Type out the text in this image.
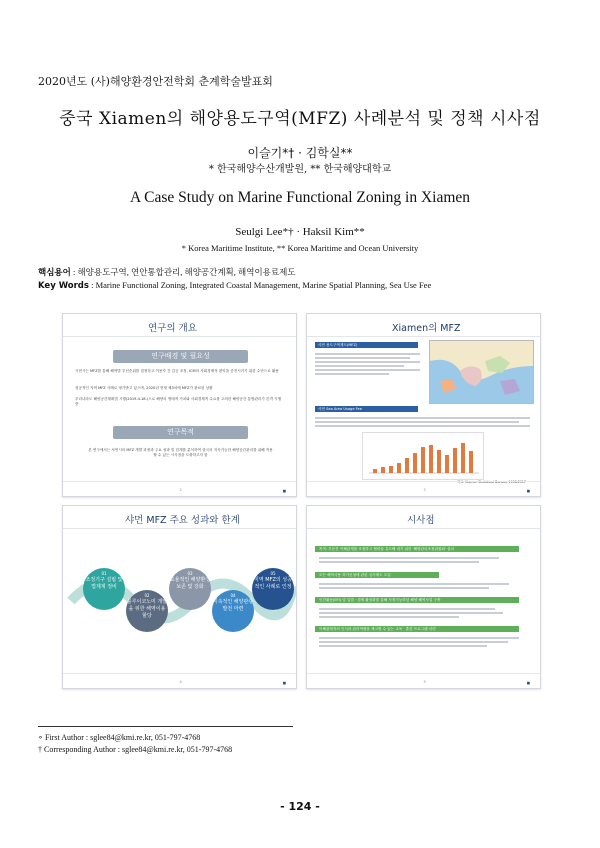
2020년도 (사)해양환경안전학회 춘계학술발표회
중국 Xiamen의 해양용도구역(MFZ) 사례분석 및 정책 시사점
이슬기*† · 김학실**
* 한국해양수산개발원, ** 한국해양대학교
A Case Study on Marine Functional Zoning in Xiamen
Seulgi Lee*† · Haksil Kim**
* Korea Maritime Institute, ** Korea Maritime and Ocean University
핵심용어 : 해양용도구역, 연안통합관리, 해양공간계획, 해역이용료제도
Key Words : Marine Functional Zoning, Integrated Coastal Management, Marine Spatial Planning, Sea Use Fee
연구의 개요
연구배경 및 필요성
시먼시는 MFZ를 통해 해역별 우선순위를 결정하고 이용자 간 갈등 조정, ICM의 사회경제적 편익을 증진시키기 위한 수단으로 활용
성공적인 지역 MFZ 사례로 평가받고 있으며, 2020년 현재 제3차에 MFZ가 완료된 상황
우리나라도 해양공간계획법 시행(2019.4.18.)으로 해양의 생태적 가치와 사회경제적 수요를 고려한 해양공간 통합관리가 본격 시행 중
연구목적
본 연구에서는 샤먼시의 MFZ 개발 과정과 주요 성과 및 한계를 분석하여 한국의 지속가능한 해양공간관리를 위해 적용할 수 있는 시사점을 도출하고자 함
2	■
Xiamen의 MFZ
샤먼 용도구역제도(MFZ)
샤먼 Sea Area Usage Fee
자료: Xiamen Statistical Bureau, 1998-2017
3	■
샤먼 MFZ 주요 성과와 한계
01
조정기구 설립 및 법제계 정비
02
블루이코노미 개발을 위한 해역이용 할당
03
효율적인 해양환경 보존 및 강화
04
지속적인 해양관광 발전 마련
05
지역 MFZ의 성공적인 사례로 인정
4	■
시사점
목적: 부문간 이해관계를 조정하고 협력을 유도해 내기 위한 '해양관리조정위원회' 설치
모든 해역사용 허가신청에 관한 심사제도 도입
인간활동(EFI) 및 입법 · 경제 활성화를 통해 사정가능하던 해양 해역사업 구축
이해관계자의 인식과 관리역량을 제고할 수 있는 교육 · 훈련 프로그램 마련
5	■
∘ First Author : sglee84@kmi.re.kr, 051-797-4768
† Corresponding Author : sglee84@kmi.re.kr, 051-797-4768
- 124 -
